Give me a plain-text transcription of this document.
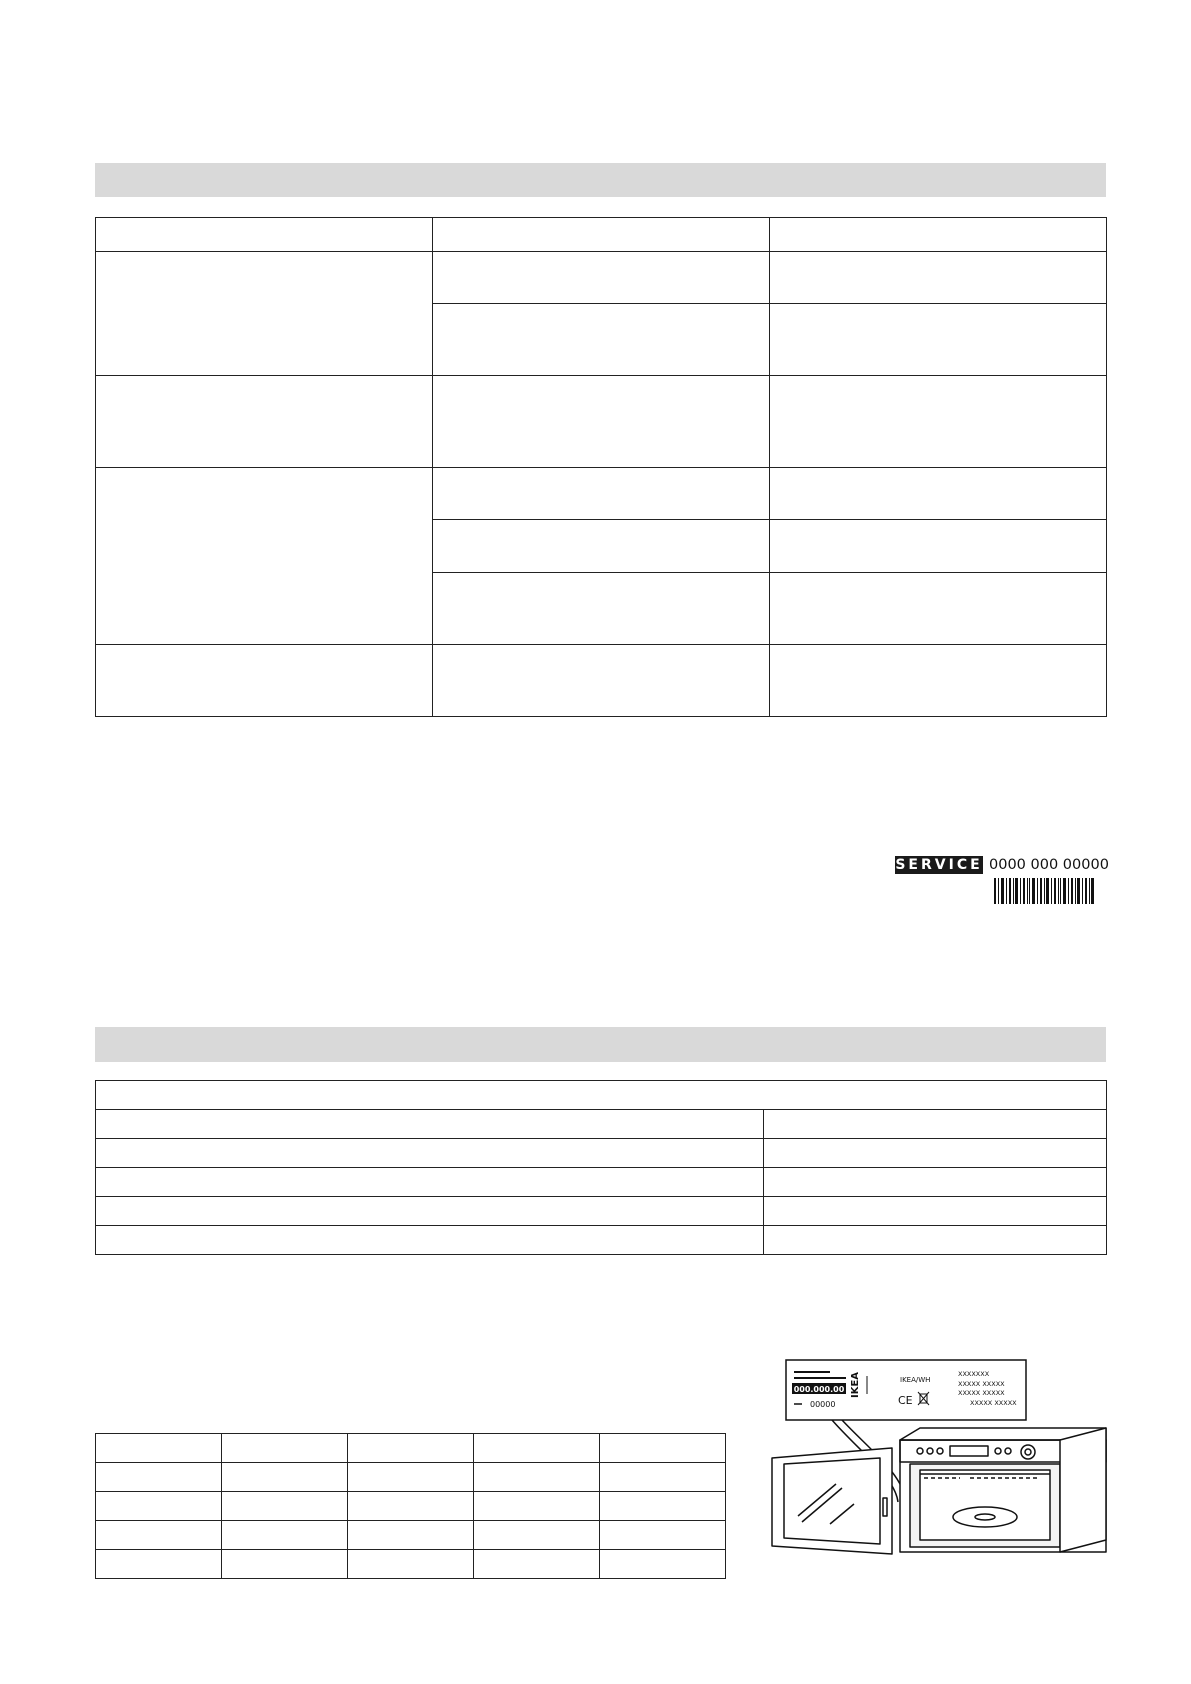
SERVICE 0000 000 00000

000.000.00
00000
IKEA	IKEA/WH
CE
XXXXXXX
XXXXX XXXXX
XXXXX XXXXX
XXXXX XXXXX
